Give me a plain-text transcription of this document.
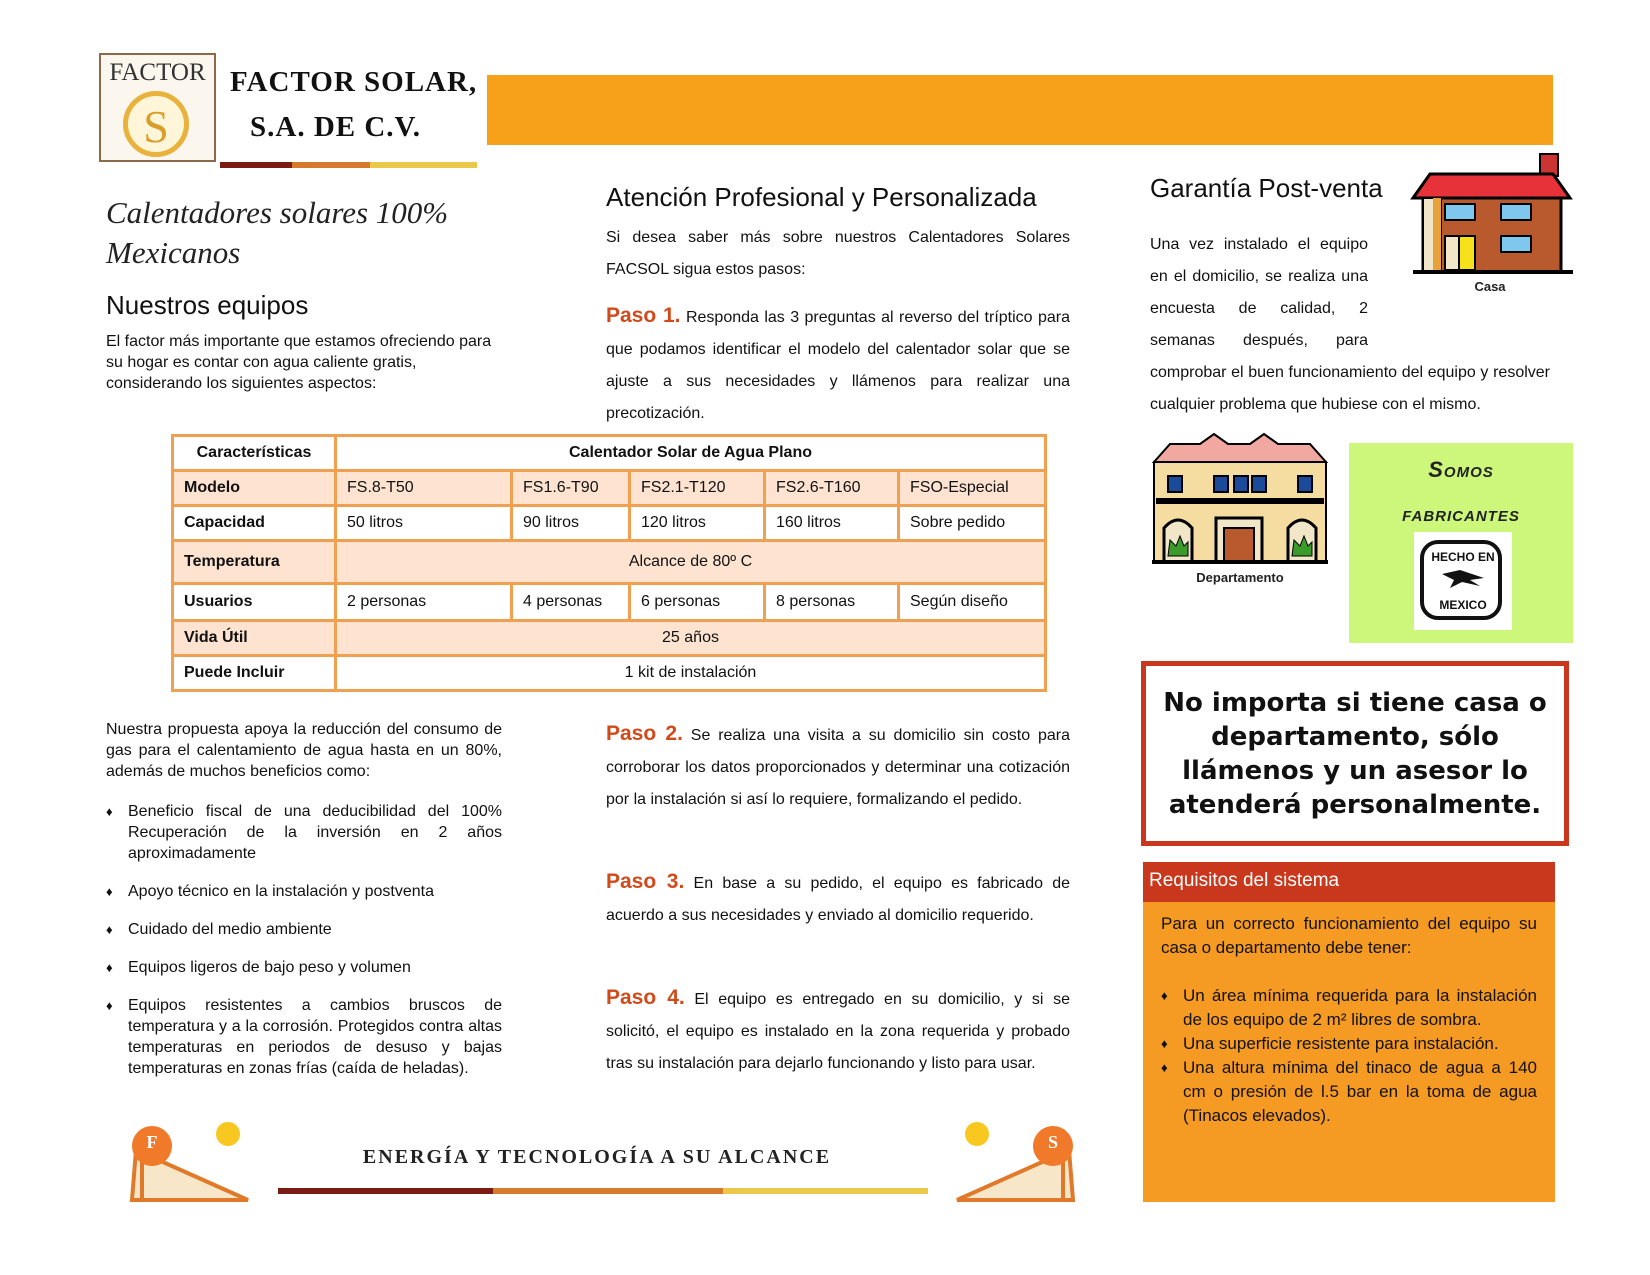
FACTOR
S
FACTOR SOLAR,
S.A. DE C.V.
Calentadores solares 100% Mexicanos
Nuestros equipos
El factor más importante que estamos ofreciendo para su hogar es contar con agua caliente gratis, considerando los siguientes aspectos:
Características	Calentador Solar de Agua Plano				
Modelo	FS.8-T50	FS1.6-T90	FS2.1-T120	FS2.6-T160	FSO-Especial
Capacidad	50 litros	90 litros	120 litros	160 litros	Sobre pedido
Temperatura	Alcance de 80º C				
Usuarios	2 personas	4 personas	6 personas	8 personas	Según diseño
Vida Útil	25 años				
Puede Incluir	1 kit de instalación				
Nuestra propuesta apoya la reducción del consumo de gas para el calentamiento de agua hasta en un 80%, además de muchos beneficios como:
♦ Beneficio fiscal de una deducibilidad del 100% Recuperación de la inversión en 2 años aproximadamente
♦ Apoyo técnico en la instalación y postventa
♦ Cuidado del medio ambiente
♦ Equipos ligeros de bajo peso y volumen
♦ Equipos resistentes a cambios bruscos de temperatura y a la corrosión. Protegidos contra altas temperaturas en periodos de desuso y bajas temperaturas en zonas frías (caída de heladas).
Atención Profesional y Personalizada
Si desea saber más sobre nuestros Calentadores Solares FACSOL sigua estos pasos:
Paso 1. Responda las 3 preguntas al reverso del tríptico para que podamos identificar el modelo del calentador solar que se ajuste a sus necesidades y llámenos para realizar una precotización.
Paso 2. Se realiza una visita a su domicilio sin costo para corroborar los datos proporcionados y determinar una cotización por la instalación si así lo requiere, formalizando el pedido.
Paso 3. En base a su pedido, el equipo es fabricado de acuerdo a sus necesidades y enviado al domicilio requerido.
Paso 4. El equipo es entregado en su domicilio, y si se solicitó, el equipo es instalado en la zona requerida y probado tras su instalación para dejarlo funcionando y listo para usar.
Garantía Post-venta
Una vez instalado el equipo en el domicilio, se realiza una encuesta de calidad, 2 semanas después, para comprobar el buen funcionamiento del equipo y resolver cualquier problema que hubiese con el mismo.
Casa
Departamento
Somos
fabricantes
HECHO EN
MEXICO
No importa si tiene casa o departamento, sólo llámenos y un asesor lo atenderá personalmente.
Requisitos del sistema
Para un correcto funcionamiento del equipo su casa o departamento debe tener:
♦ Un área mínima requerida para la instalación de los equipo de 2 m² libres de sombra.
♦ Una superficie resistente para instalación.
♦ Una altura mínima del tinaco de agua a 140 cm o presión de l.5 bar en la toma de agua (Tinacos elevados).
F	S
ENERGÍA Y TECNOLOGÍA A SU ALCANCE
